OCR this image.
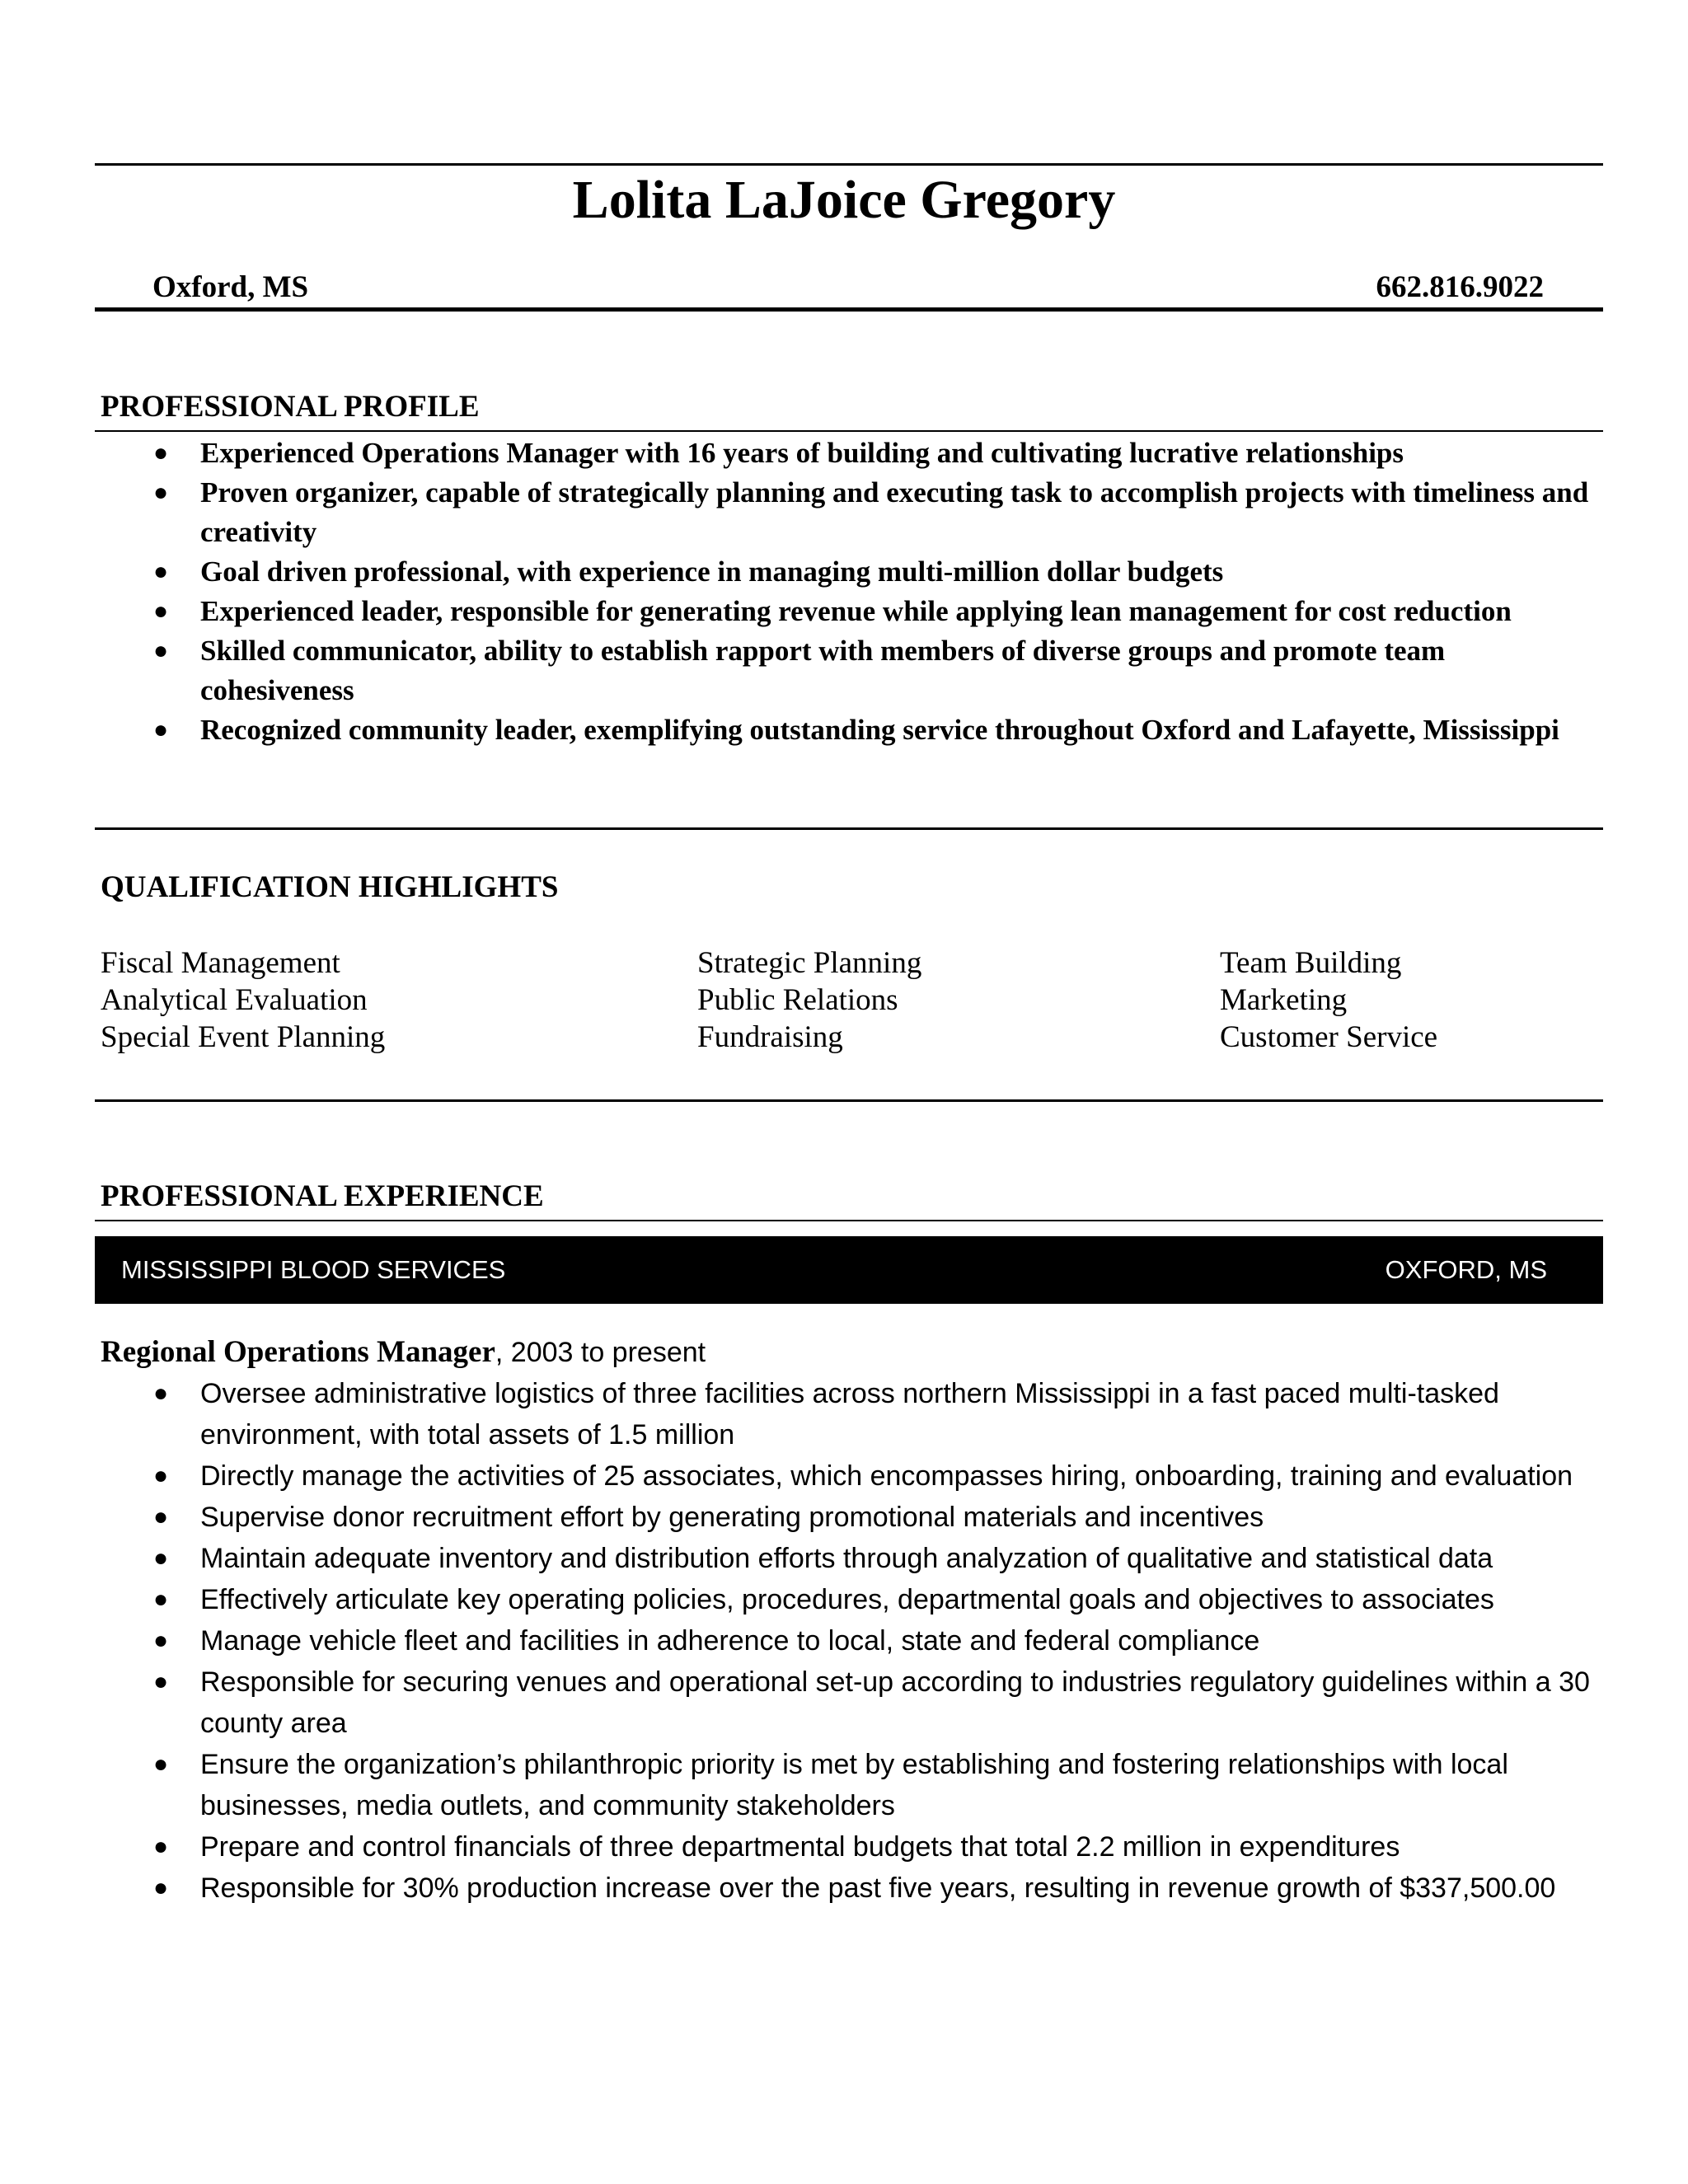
Lolita LaJoice Gregory
Oxford, MS	662.816.9022
PROFESSIONAL PROFILE
● Experienced Operations Manager with 16 years of building and cultivating lucrative relationships
● Proven organizer, capable of strategically planning and executing task to accomplish projects with timeliness and creativity
● Goal driven professional, with experience in managing multi-million dollar budgets
● Experienced leader, responsible for generating revenue while applying lean management for cost reduction
● Skilled communicator, ability to establish rapport with members of diverse groups and promote team cohesiveness
● Recognized community leader, exemplifying outstanding service throughout Oxford and Lafayette, Mississippi
QUALIFICATION HIGHLIGHTS
Fiscal Management
Analytical Evaluation
Special Event Planning
Strategic Planning
Public Relations
Fundraising
Team Building
Marketing
Customer Service
PROFESSIONAL EXPERIENCE
MISSISSIPPI BLOOD SERVICES	OXFORD, MS
Regional Operations Manager, 2003 to present
● Oversee administrative logistics of three facilities across northern Mississippi in a fast paced multi-tasked environment, with total assets of 1.5 million
● Directly manage the activities of 25 associates, which encompasses hiring, onboarding, training and evaluation
● Supervise donor recruitment effort by generating promotional materials and incentives
● Maintain adequate inventory and distribution efforts through analyzation of qualitative and statistical data
● Effectively articulate key operating policies, procedures, departmental goals and objectives to associates
● Manage vehicle fleet and facilities in adherence to local, state and federal compliance
● Responsible for securing venues and operational set-up according to industries regulatory guidelines within a 30 county area
● Ensure the organization’s philanthropic priority is met by establishing and fostering relationships with local businesses, media outlets, and community stakeholders
● Prepare and control financials of three departmental budgets that total 2.2 million in expenditures
● Responsible for 30% production increase over the past five years, resulting in revenue growth of $337,500.00
